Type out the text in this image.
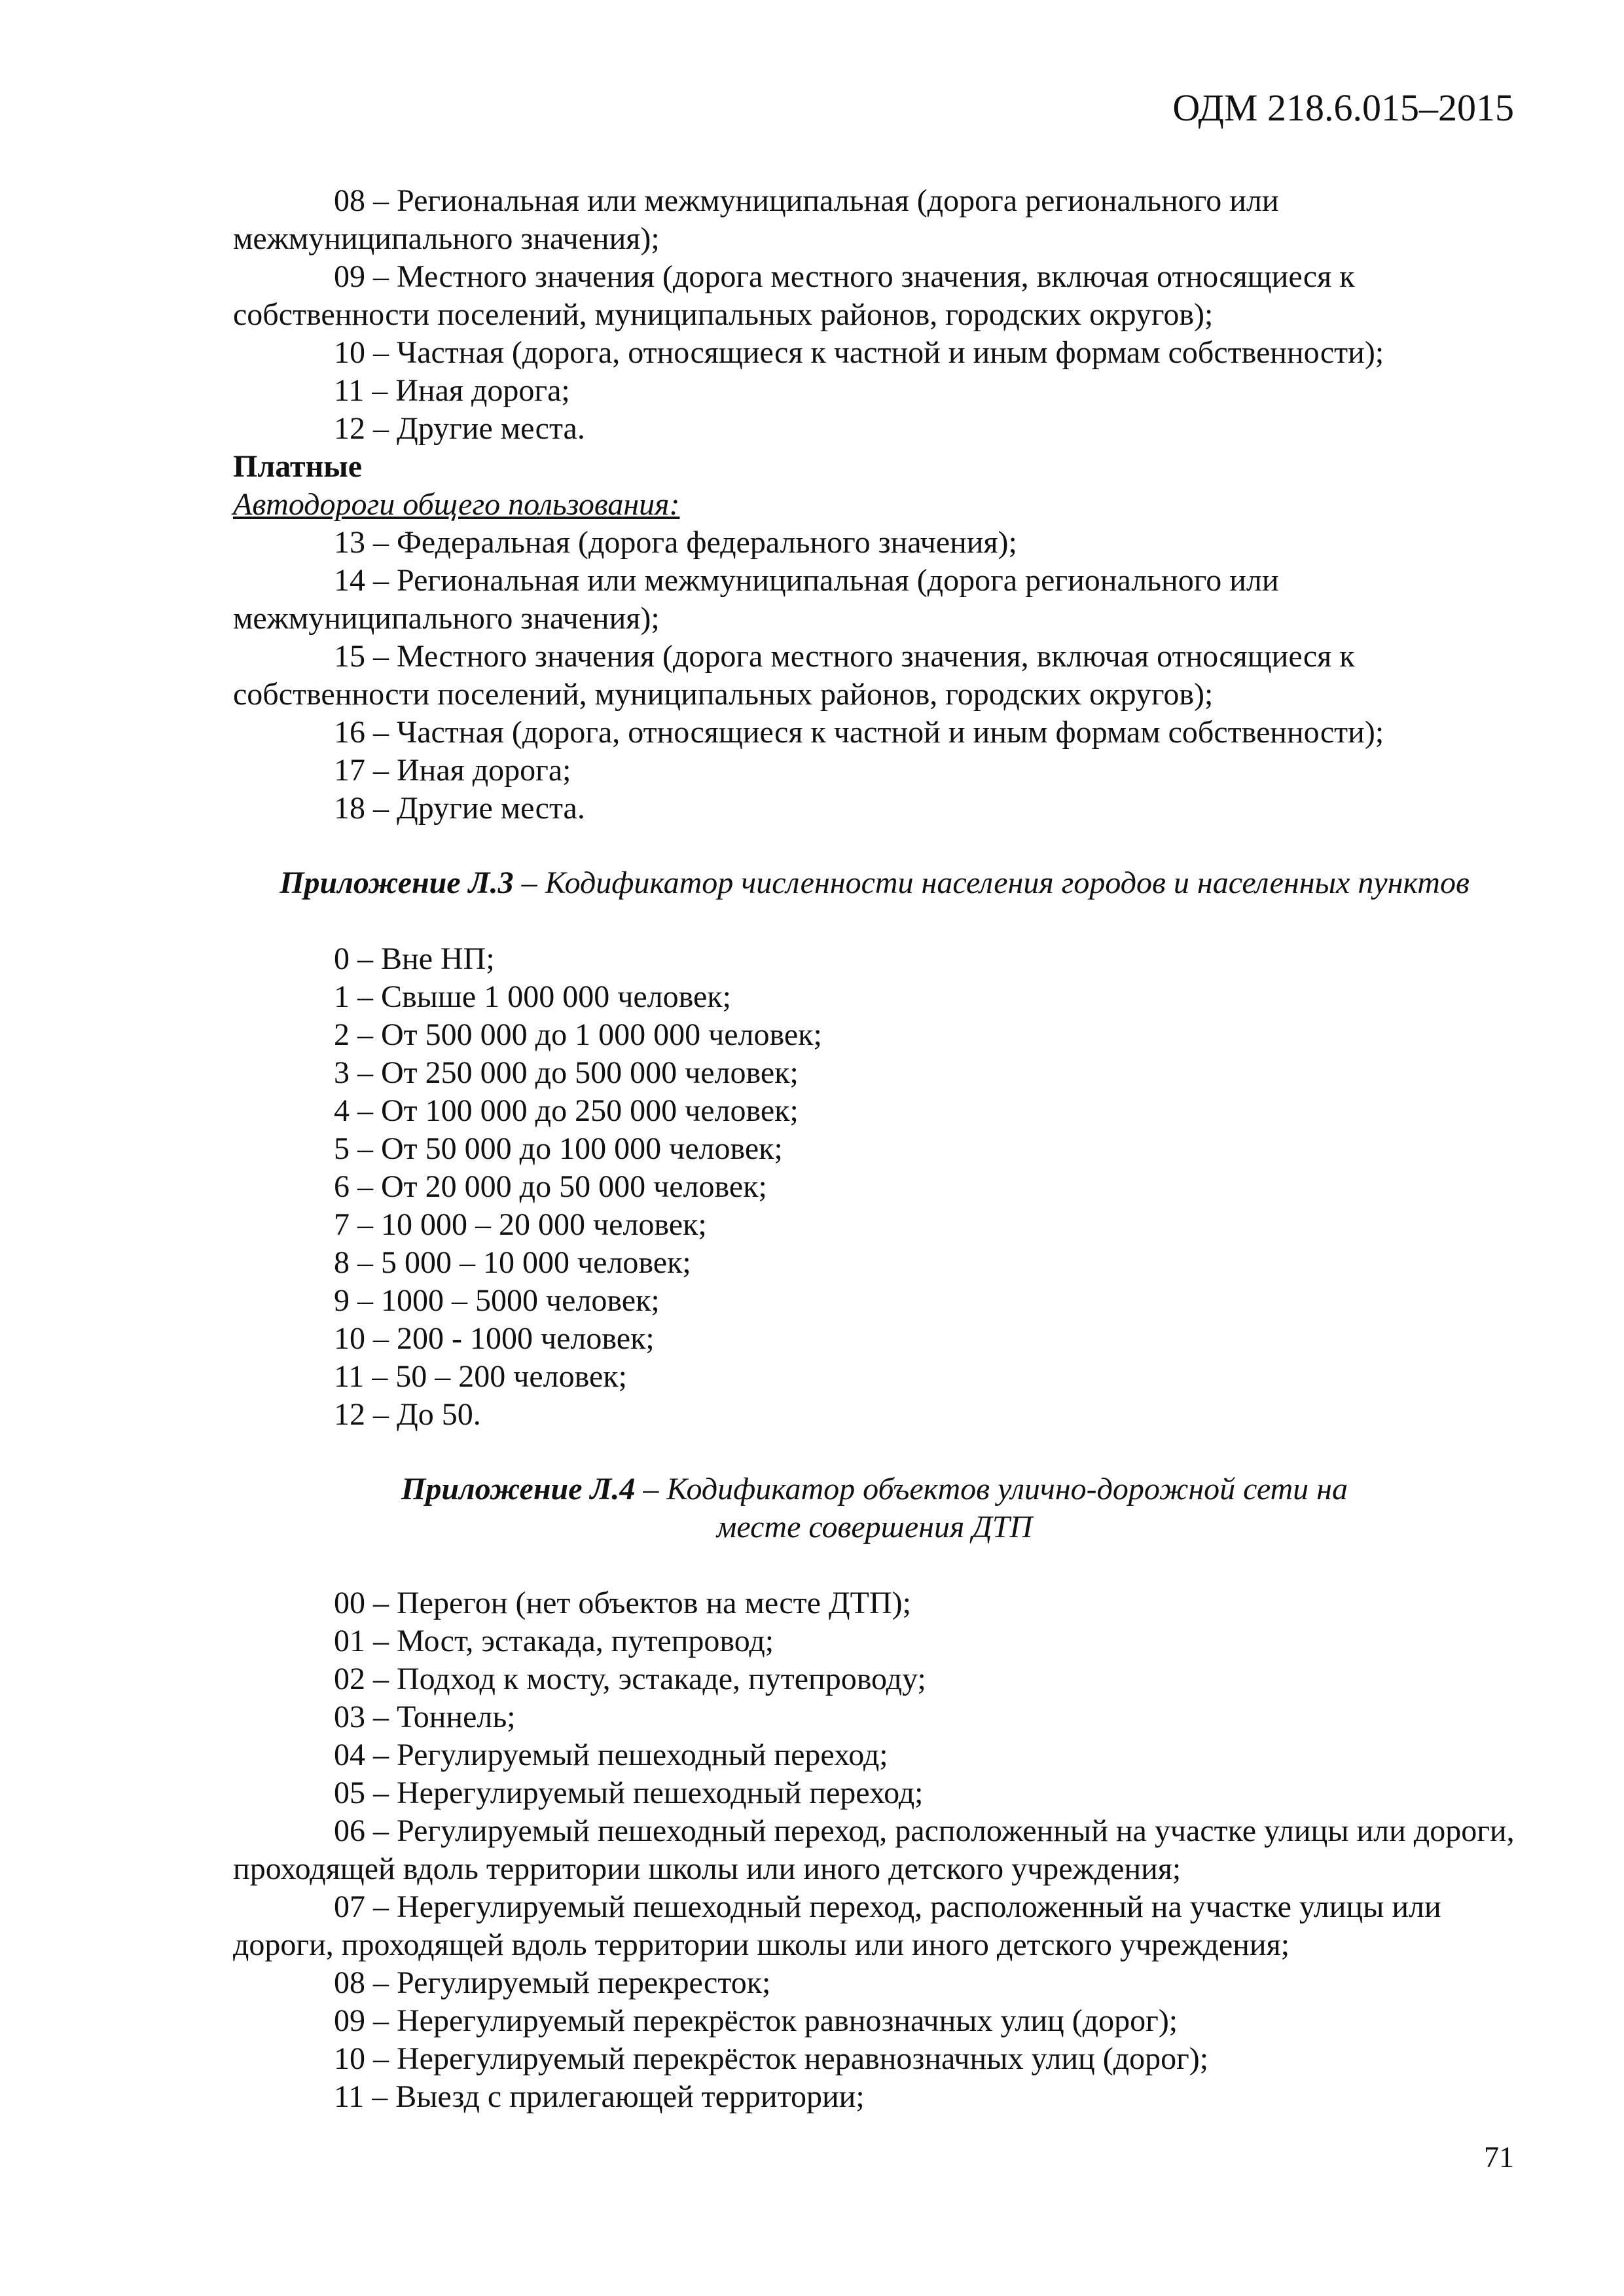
ОДМ 218.6.015–2015

08 – Региональная или межмуниципальная (дорога регионального или межмуниципального значения);

09 – Местного значения (дорога местного значения, включая относящиеся к собственности поселений, муниципальных районов, городских округов);

10 – Частная (дорога, относящиеся к частной и иным формам собственности);

11 – Иная дорога;

12 – Другие места.

Платные

Автодороги общего пользования:

13 – Федеральная (дорога федерального значения);

14 – Региональная или межмуниципальная (дорога регионального или межмуниципального значения);

15 – Местного значения (дорога местного значения, включая относящиеся к собственности поселений, муниципальных районов, городских округов);

16 – Частная (дорога, относящиеся к частной и иным формам собственности);

17 – Иная дорога;

18 – Другие места.

Приложение Л.3 – Кодификатор численности населения городов и населенных пунктов

0 – Вне НП;

1 – Свыше 1 000 000 человек;

2 – От 500 000 до 1 000 000 человек;

3 – От 250 000 до 500 000 человек;

4 – От 100 000 до 250 000 человек;

5 – От 50 000 до 100 000 человек;

6 – От 20 000 до 50 000 человек;

7 – 10 000 – 20 000 человек;

8 – 5 000 – 10 000 человек;

9 – 1000 – 5000 человек;

10 – 200 - 1000 человек;

11 – 50 – 200 человек;

12 – До 50.

Приложение Л.4 – Кодификатор объектов улично-дорожной сети на

месте совершения ДТП

00 – Перегон (нет объектов на месте ДТП);

01 – Мост, эстакада, путепровод;

02 – Подход к мосту, эстакаде, путепроводу;

03 – Тоннель;

04 – Регулируемый пешеходный переход;

05 – Нерегулируемый пешеходный переход;

06 – Регулируемый пешеходный переход, расположенный на участке улицы или дороги, проходящей вдоль территории школы или иного детского учреждения;

07 – Нерегулируемый пешеходный переход, расположенный на участке улицы или дороги, проходящей вдоль территории школы или иного детского учреждения;

08 – Регулируемый перекресток;

09 – Нерегулируемый перекрёсток равнозначных улиц (дорог);

10 – Нерегулируемый перекрёсток неравнозначных улиц (дорог);

11 – Выезд с прилегающей территории;

71
